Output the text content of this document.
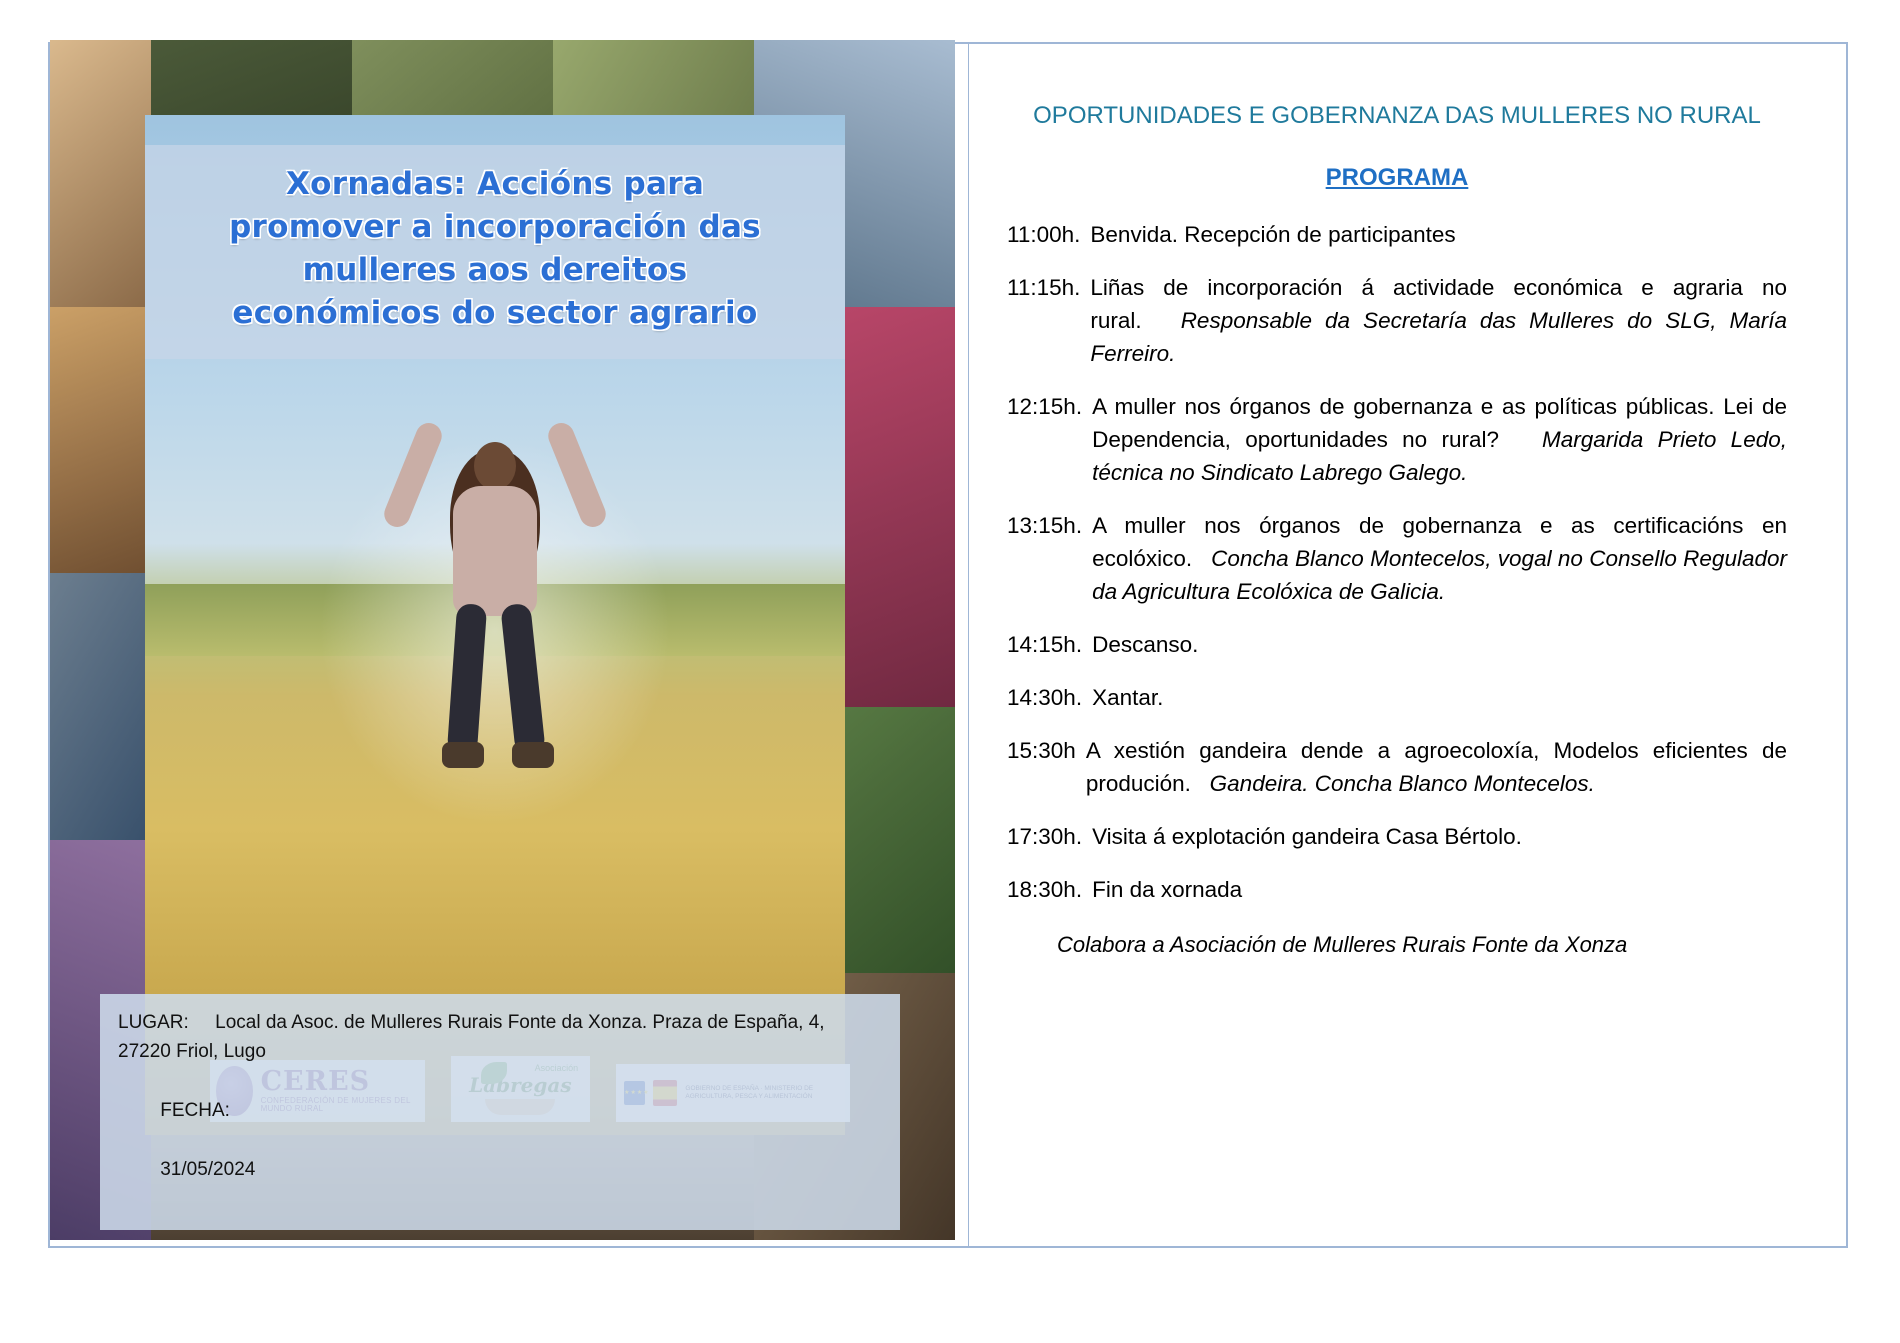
Xornadas: Accións para
promover a incorporación das
mulleres aos dereitos
económicos do sector agrario
★★★★
LUGAR: Local da Asoc. de Mulleres Rurais Fonte da Xonza. Praza de España, 4, 27220 Friol, Lugo

FECHA:

31/05/2024

OPORTUNIDADES E GOBERNANZA DAS MULLERES NO RURAL
PROGRAMA
11:00h. Benvida. Recepción de participantes
11:15h. Liñas de incorporación á actividade económica e agraria no rural. Responsable da Secretaría das Mulleres do SLG, María Ferreiro.
12:15h. A muller nos órganos de gobernanza e as políticas públicas. Lei de Dependencia, oportunidades no rural? Margarida Prieto Ledo, técnica no Sindicato Labrego Galego.
13:15h. A muller nos órganos de gobernanza e as certificacións en ecolóxico. Concha Blanco Montecelos, vogal no Consello Regulador da Agricultura Ecolóxica de Galicia.
14:15h. Descanso.
14:30h. Xantar.
15:30h A xestión gandeira dende a agroecoloxía, Modelos eficientes de produción. Gandeira. Concha Blanco Montecelos.
17:30h. Visita á explotación gandeira Casa Bértolo.
18:30h. Fin da xornada
Colabora a Asociación de Mulleres Rurais Fonte da Xonza
